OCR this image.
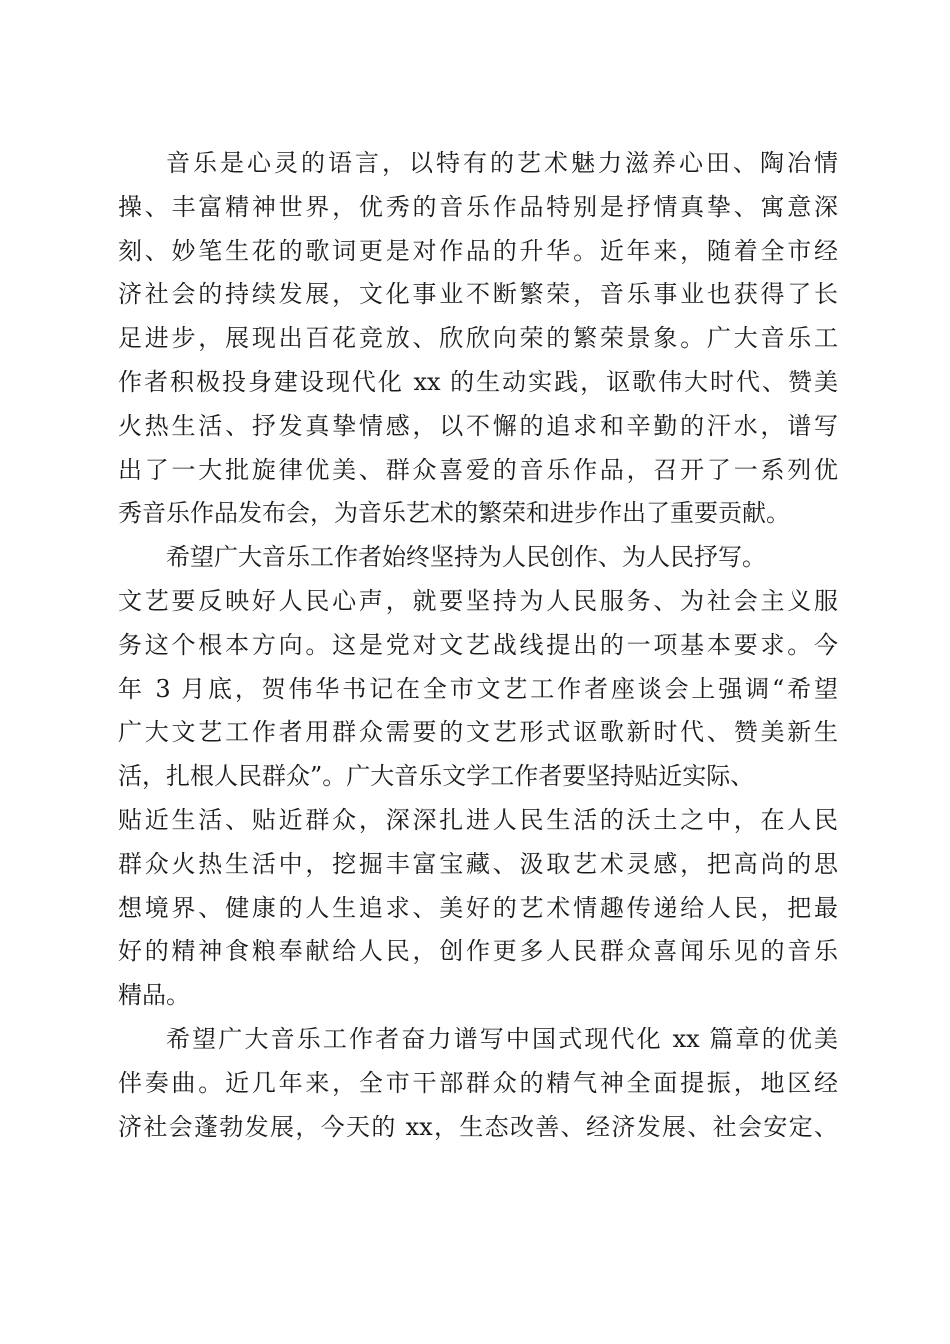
音乐是心灵的语言，以特有的艺术魅力滋养心田、陶冶情
操、丰富精神世界，优秀的音乐作品特别是抒情真挚、寓意深
刻、妙笔生花的歌词更是对作品的升华。近年来，随着全市经
济社会的持续发展，文化事业不断繁荣，音乐事业也获得了长
足进步，展现出百花竞放、欣欣向荣的繁荣景象。广大音乐工
作者积极投身建设现代化 xx 的生动实践，讴歌伟大时代、赞美
火热生活、抒发真挚情感，以不懈的追求和辛勤的汗水，谱写
出了一大批旋律优美、群众喜爱的音乐作品，召开了一系列优
秀音乐作品发布会，为音乐艺术的繁荣和进步作出了重要贡献。
希望广大音乐工作者始终坚持为人民创作、为人民抒写。
文艺要反映好人民心声，就要坚持为人民服务、为社会主义服
务这个根本方向。这是党对文艺战线提出的一项基本要求。今
年 3 月底，贺伟华书记在全市文艺工作者座谈会上强调“希望
广大文艺工作者用群众需要的文艺形式讴歌新时代、赞美新生
活，扎根人民群众”。广大音乐文学工作者要坚持贴近实际、
贴近生活、贴近群众，深深扎进人民生活的沃土之中，在人民
群众火热生活中，挖掘丰富宝藏、汲取艺术灵感，把高尚的思
想境界、健康的人生追求、美好的艺术情趣传递给人民，把最
好的精神食粮奉献给人民，创作更多人民群众喜闻乐见的音乐
精品。
希望广大音乐工作者奋力谱写中国式现代化 xx 篇章的优美
伴奏曲。近几年来，全市干部群众的精气神全面提振，地区经
济社会蓬勃发展，今天的 xx，生态改善、经济发展、社会安定、
